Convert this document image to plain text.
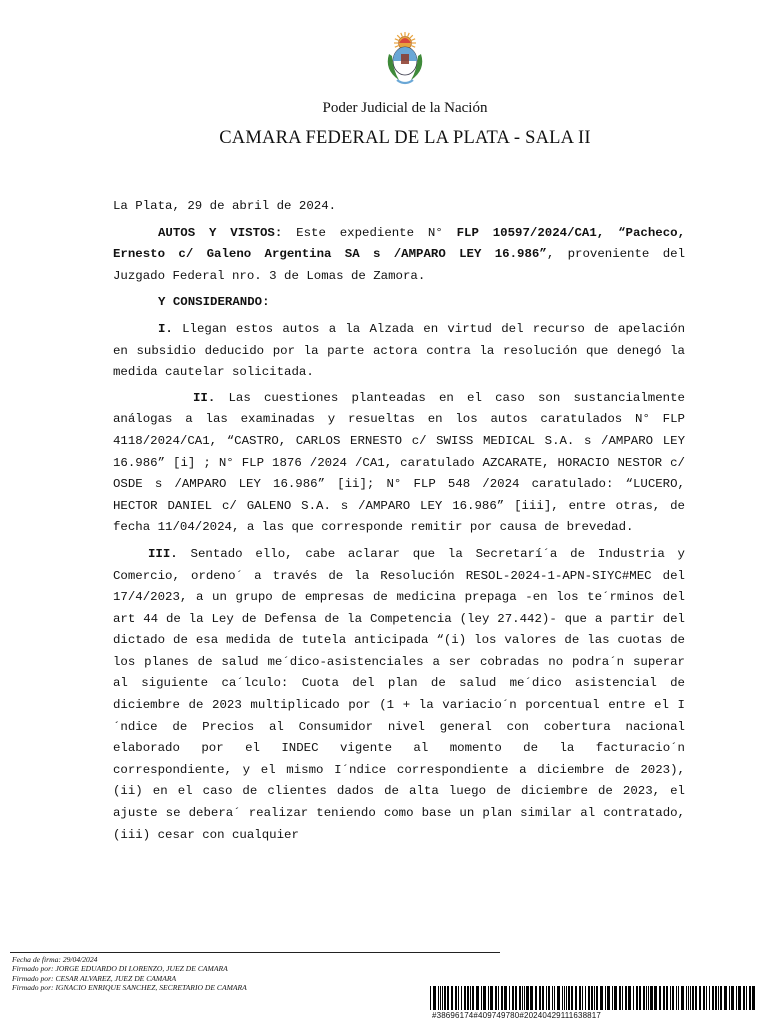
Poder Judicial de la Nación
CAMARA FEDERAL DE LA PLATA - SALA II

La Plata, 29 de abril de 2024.

AUTOS Y VISTOS: Este expediente N° FLP 10597/2024/CA1, “Pacheco, Ernesto c/ Galeno Argentina SA s /AMPARO LEY 16.986”, proveniente del Juzgado Federal nro. 3 de Lomas de Zamora.

Y CONSIDERANDO:

I. Llegan estos autos a la Alzada en virtud del recurso de apelación en subsidio deducido por la parte actora contra la resolución que denegó la medida cautelar solicitada.

II. Las cuestiones planteadas en el caso son sustancialmente análogas a las examinadas y resueltas en los autos caratulados N° FLP 4118/2024/CA1, “CASTRO, CARLOS ERNESTO c/ SWISS MEDICAL S.A. s /AMPARO LEY 16.986” [i] ; N° FLP 1876 /2024 /CA1, caratulado AZCARATE, HORACIO NESTOR c/ OSDE s /AMPARO LEY 16.986” [ii]; N° FLP 548 /2024 caratulado: “LUCERO, HECTOR DANIEL c/ GALENO S.A. s /AMPARO LEY 16.986” [iii], entre otras, de fecha 11/04/2024, a las que corresponde remitir por causa de brevedad.

III. Sentado ello, cabe aclarar que la Secretarí´a de Industria y Comercio, ordeno´ a través de la Resolución RESOL-2024-1-APN-SIYC#MEC del 17/4/2023, a un grupo de empresas de medicina prepaga -en los te´rminos del art 44 de la Ley de Defensa de la Competencia (ley 27.442)- que a partir del dictado de esa medida de tutela anticipada “(i) los valores de las cuotas de los planes de salud me´dico-asistenciales a ser cobradas no podra´n superar al siguiente ca´lculo: Cuota del plan de salud me´dico asistencial de diciembre de 2023 multiplicado por (1 + la variacio´n porcentual entre el I´ndice de Precios al Consumidor nivel general con cobertura nacional elaborado por el INDEC vigente al momento de la facturacio´n correspondiente, y el mismo I´ndice correspondiente a diciembre de 2023), (ii) en el caso de clientes dados de alta luego de diciembre de 2023, el ajuste se debera´ realizar teniendo como base un plan similar al contratado, (iii) cesar con cualquier

Fecha de firma: 29/04/2024
Firmado por: JORGE EDUARDO DI LORENZO, JUEZ DE CAMARA
Firmado por: CESAR ALVAREZ, JUEZ DE CAMARA
Firmado por: IGNACIO ENRIQUE SANCHEZ, SECRETARIO DE CAMARA
#38696174#409749780#20240429111638817
